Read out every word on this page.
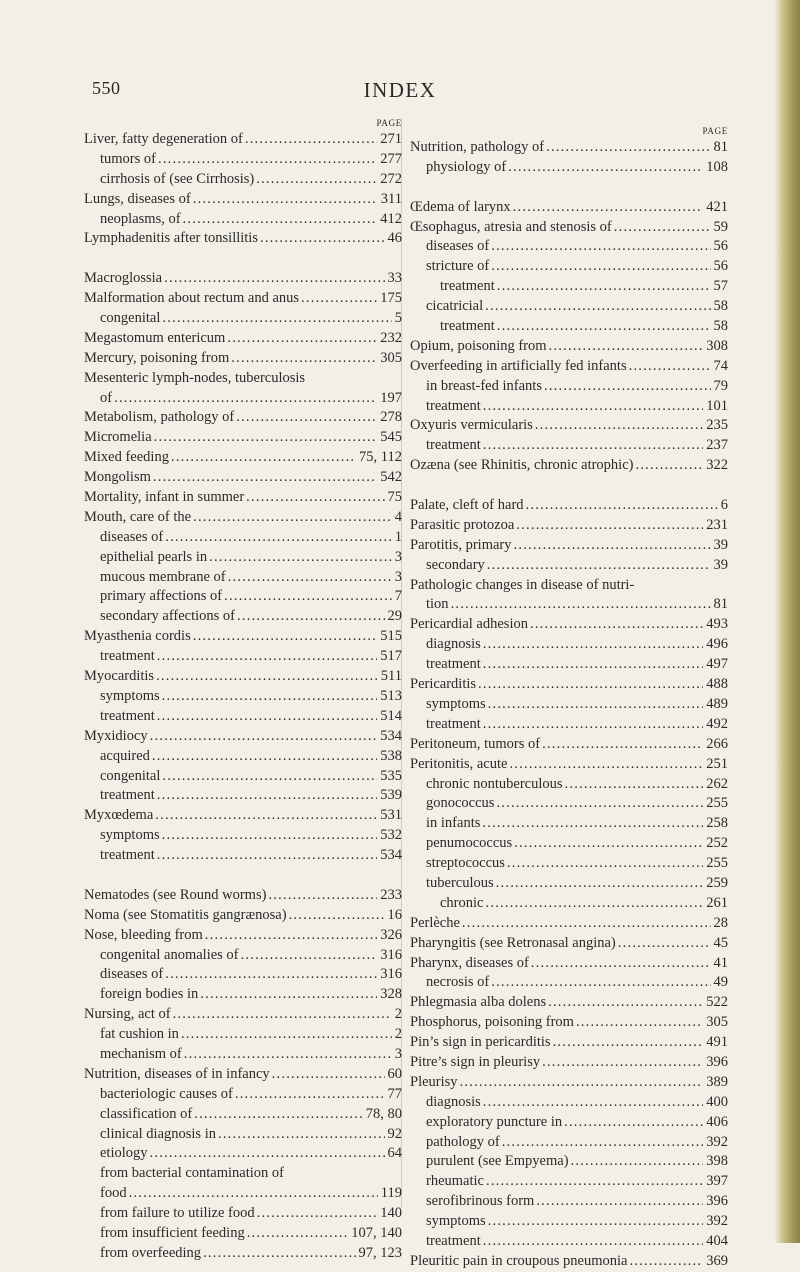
550	INDEX
PAGE
Liver, fatty degeneration of . . .	271
tumors of . . .	277
cirrhosis of (see Cirrhosis) . . .	272
Lungs, diseases of . . .	311
neoplasms, of . . .	412
Lymphadenitis after tonsillitis . . .	46
Macroglossia . . .	33
Malformation about rectum and anus . . .	175
congenital . . .	5
Megastomum entericum . . .	232
Mercury, poisoning from . . .	305
Mesenteric lymph-nodes, tuberculosis
of . . .	197
Metabolism, pathology of . . .	278
Micromelia . . .	545
Mixed feeding . . .	75, 112
Mongolism . . .	542
Mortality, infant in summer . . .	75
Mouth, care of the . . .	4
diseases of . . .	1
epithelial pearls in . . .	3
mucous membrane of . . .	3
primary affections of . . .	7
secondary affections of . . .	29
Myasthenia cordis . . .	515
treatment . . .	517
Myocarditis . . .	511
symptoms . . .	513
treatment . . .	514
Myxidiocy . . .	534
acquired . . .	538
congenital . . .	535
treatment . . .	539
Myxœdema . . .	531
symptoms . . .	532
treatment . . .	534
Nematodes (see Round worms) . . .	233
Noma (see Stomatitis gangrænosa) . . .	16
Nose, bleeding from . . .	326
congenital anomalies of . . .	316
diseases of . . .	316
foreign bodies in . . .	328
Nursing, act of . . .	2
fat cushion in . . .	2
mechanism of . . .	3
Nutrition, diseases of in infancy . . .	60
bacteriologic causes of . . .	77
classification of . . .	78, 80
clinical diagnosis in . . .	92
etiology . . .	64
from bacterial contamination of
food . . .	119
from failure to utilize food . . .	140
from insufficient feeding . . .	107, 140
from overfeeding . . .	97, 123
PAGE
Nutrition, pathology of . . .	81
physiology of . . .	108
Œdema of larynx . . .	421
Œsophagus, atresia and stenosis of . . .	59
diseases of . . .	56
stricture of . . .	56
treatment . . .	57
cicatricial . . .	58
treatment . . .	58
Opium, poisoning from . . .	308
Overfeeding in artificially fed infants . . .	74
in breast-fed infants . . .	79
treatment . . .	101
Oxyuris vermicularis . . .	235
treatment . . .	237
Ozæna (see Rhinitis, chronic atrophic) . . .	322
Palate, cleft of hard . . .	6
Parasitic protozoa . . .	231
Parotitis, primary . . .	39
secondary . . .	39
Pathologic changes in disease of nutri-
tion . . .	81
Pericardial adhesion . . .	493
diagnosis . . .	496
treatment . . .	497
Pericarditis . . .	488
symptoms . . .	489
treatment . . .	492
Peritoneum, tumors of . . .	266
Peritonitis, acute . . .	251
chronic nontuberculous . . .	262
gonococcus . . .	255
in infants . . .	258
penumococcus . . .	252
streptococcus . . .	255
tuberculous . . .	259
chronic . . .	261
Perlèche . . .	28
Pharyngitis (see Retronasal angina) . . .	45
Pharynx, diseases of . . .	41
necrosis of . . .	49
Phlegmasia alba dolens . . .	522
Phosphorus, poisoning from . . .	305
Pin’s sign in pericarditis . . .	491
Pitre’s sign in pleurisy . . .	396
Pleurisy . . .	389
diagnosis . . .	400
exploratory puncture in . . .	406
pathology of . . .	392
purulent (see Empyema) . . .	398
rheumatic . . .	397
serofibrinous form . . .	396
symptoms . . .	392
treatment . . .	404
Pleuritic pain in croupous pneumonia . . .	369
